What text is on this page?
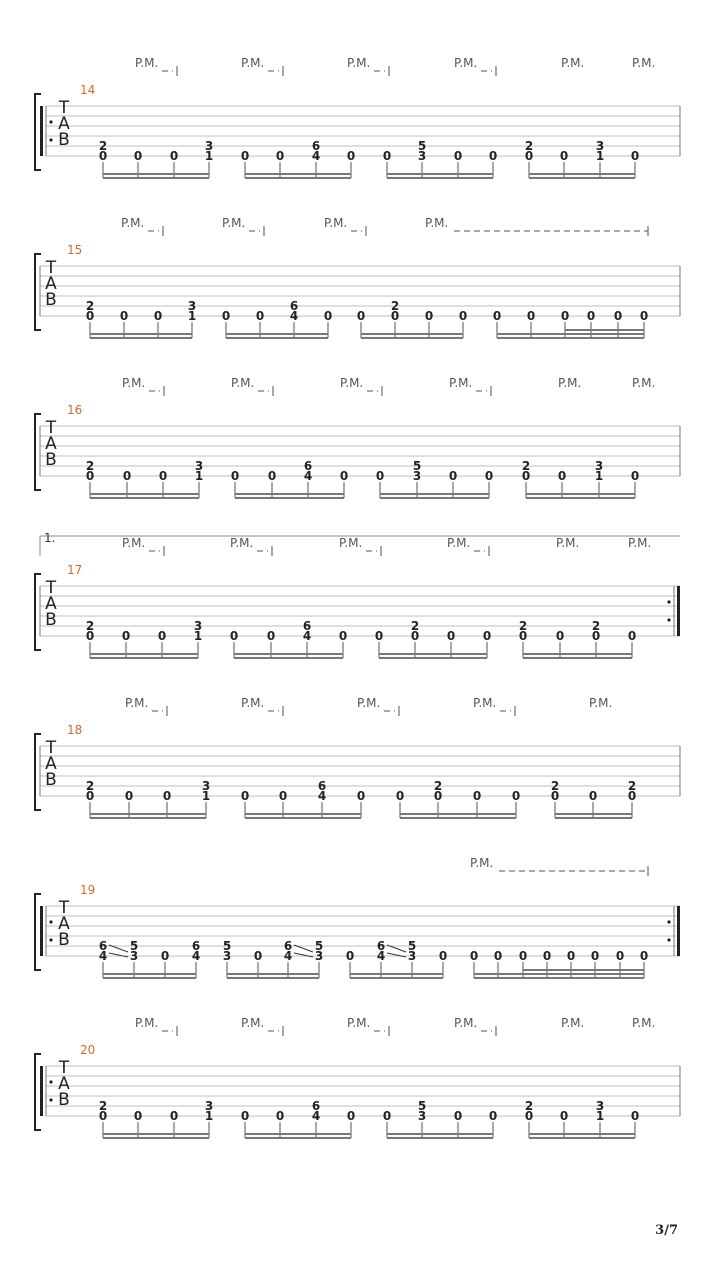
3/7
T
A
B
14
P.M.	P.M.	P.M.	P.M.	P.M.	P.M.
2
0 0 0
3
1 0 0
6
4 0 0
5
3 0 0
2
0 0
3
1 0
T
A
B
15
P.M.	P.M.	P.M.	P.M.
2
0 0 0
3
1 0 0
6
4 0 0
2
0 0 0 0 0 0 0 0 0
T
A
B
16
P.M.	P.M.	P.M.	P.M.	P.M.	P.M.
2
0 0 0
3
1 0 0
6
4 0 0
5
3 0 0
2
0 0
3
1 0
T
A
B
17
1.	P.M.	P.M.	P.M.	P.M.	P.M.	P.M.
2
0 0 0
3
1 0 0
6
4 0 0
2
0 0 0
2
0 0
2
0 0
T
A
B
18
P.M.	P.M.	P.M.	P.M.	P.M.
2
0	0 0
3
1	0 0
6
4	0	0
2
0	0	0
2
0 0
2
0
T
A
B
19
P.M.
6
4
5
3 0
6
4
5
3 0
6
4
5
3 0
6
4
5
3 0 0 0 0 0 0 0 0 0
T
A
B
20
P.M.	P.M.	P.M.	P.M.	P.M.	P.M.
2
0 0 0
3
1 0 0
6
4 0 0
5
3 0 0
2
0 0
3
1 0
